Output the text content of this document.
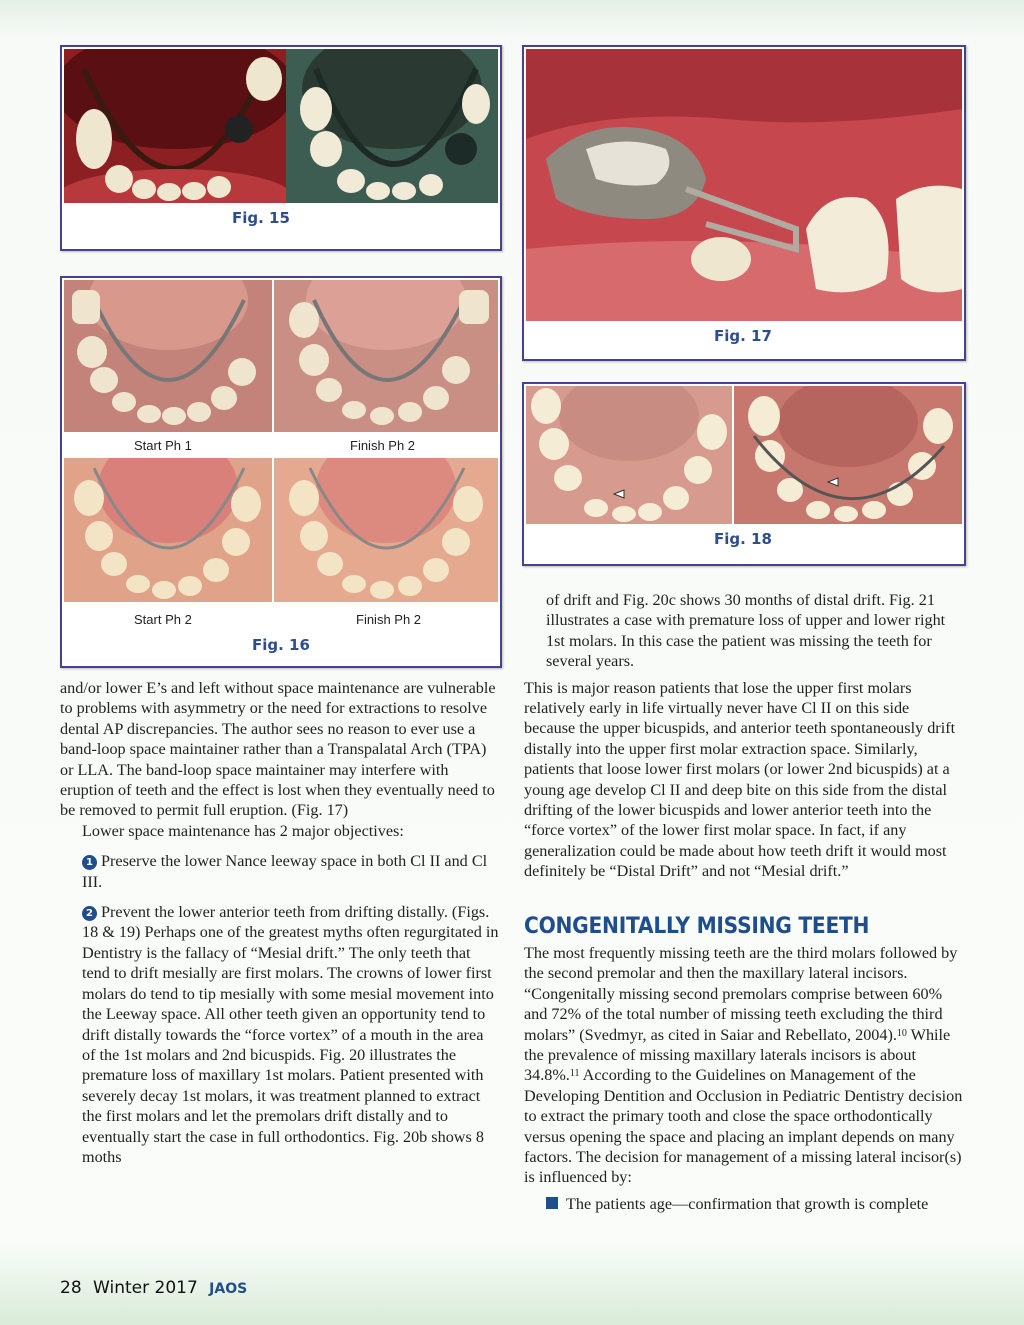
Fig. 15
Start Ph 1	Finish Ph 2
Start Ph 2	Finish Ph 2
Fig. 16
Fig. 17
Fig. 18

and/or lower E’s and left without space maintenance are vulnerable to problems with asymmetry or the need for extractions to resolve dental AP discrepancies. The author sees no reason to ever use a band-loop space maintainer rather than a Transpalatal Arch (TPA) or LLA. The band-loop space maintainer may interfere with eruption of teeth and the effect is lost when they eventually need to be removed to permit full eruption. (Fig. 17)

Lower space maintenance has 2 major objectives:

1 Preserve the lower Nance leeway space in both Cl II and Cl III.

2 Prevent the lower anterior teeth from drifting distally. (Figs. 18 & 19) Perhaps one of the greatest myths often regurgitated in Dentistry is the fallacy of “Mesial drift.” The only teeth that tend to drift mesially are first molars. The crowns of lower first molars do tend to tip mesially with some mesial movement into the Leeway space. All other teeth given an opportunity tend to drift distally towards the “force vortex” of a mouth in the area of the 1st molars and 2nd bicuspids. Fig. 20 illustrates the premature loss of maxillary 1st molars. Patient presented with severely decay 1st molars, it was treatment planned to extract the first molars and let the premolars drift distally and to eventually start the case in full orthodontics. Fig. 20b shows 8 moths

of drift and Fig. 20c shows 30 months of distal drift. Fig. 21 illustrates a case with premature loss of upper and lower right 1st molars. In this case the patient was missing the teeth for several years.

This is major reason patients that lose the upper first molars relatively early in life virtually never have Cl II on this side because the upper bicuspids, and anterior teeth spontaneously drift distally into the upper first molar extraction space. Similarly, patients that loose lower first molars (or lower 2nd bicuspids) at a young age develop Cl II and deep bite on this side from the distal drifting of the lower bicuspids and lower anterior teeth into the “force vortex” of the lower first molar space. In fact, if any generalization could be made about how teeth drift it would most definitely be “Distal Drift” and not “Mesial drift.”

CONGENITALLY MISSING TEETH

The most frequently missing teeth are the third molars followed by the second premolar and then the maxillary lateral incisors. “Congenitally missing second premolars comprise between 60% and 72% of the total number of missing teeth excluding the third molars” (Svedmyr, as cited in Saiar and Rebellato, 2004).$^{10}$ While the prevalence of missing maxillary laterals incisors is about 34.8%.$^{11}$ According to the Guidelines on Management of the Developing Dentition and Occlusion in Pediatric Dentistry decision to extract the primary tooth and close the space orthodontically versus opening the space and placing an implant depends on many factors. The decision for management of a missing lateral incisor(s) is influenced by:

The patients age—confirmation that growth is complete

28 Winter 2017 JAOS
